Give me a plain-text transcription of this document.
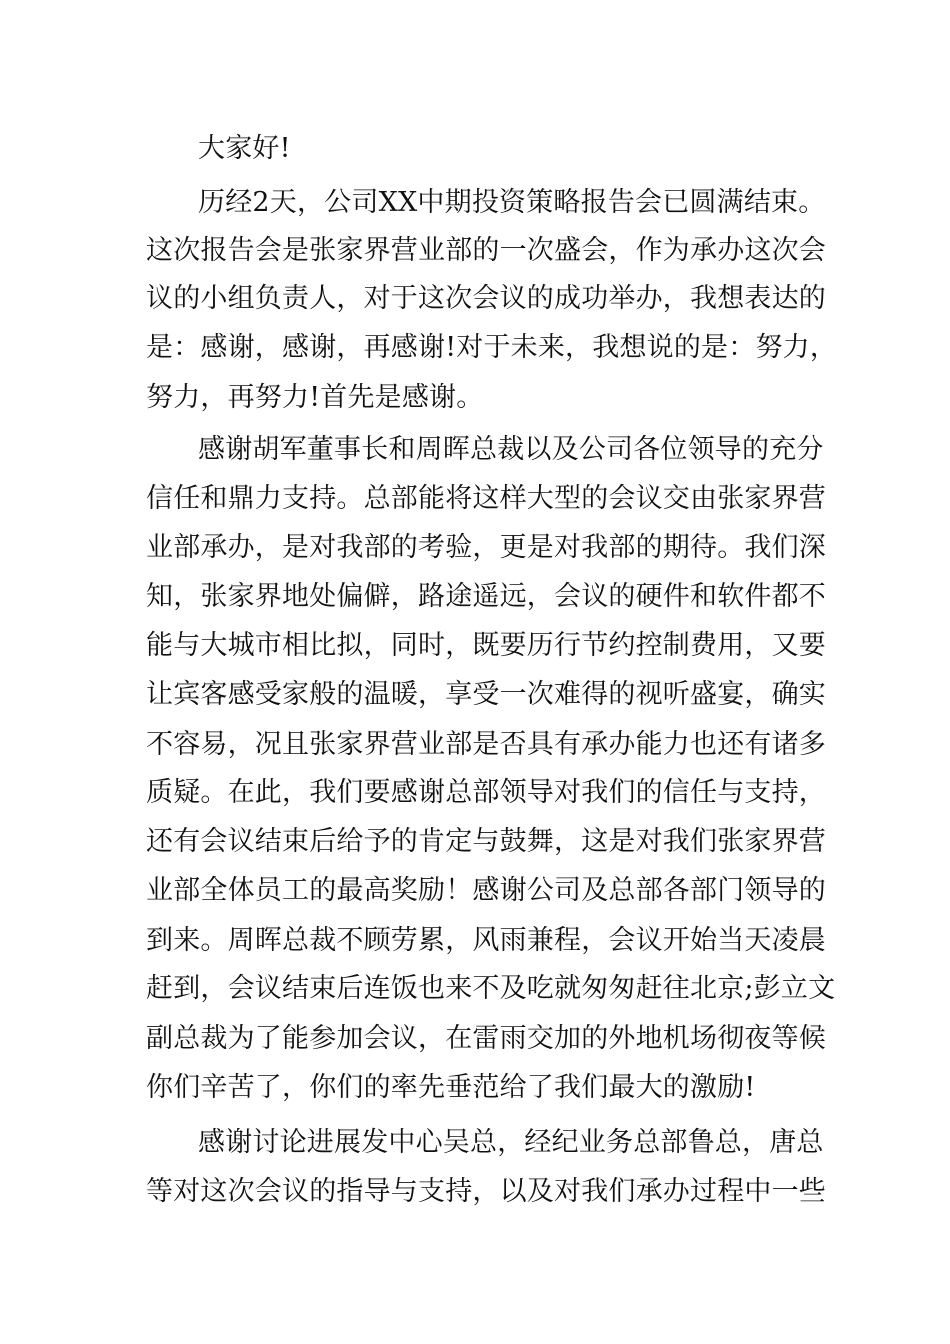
大家好!
历经2天，公司XX中期投资策略报告会已圆满结束。
这次报告会是张家界营业部的一次盛会，作为承办这次会
议的小组负责人，对于这次会议的成功举办，我想表达的
是：感谢，感谢，再感谢!对于未来，我想说的是：努力，
努力，再努力!首先是感谢。
感谢胡军董事长和周晖总裁以及公司各位领导的充分
信任和鼎力支持。总部能将这样大型的会议交由张家界营
业部承办，是对我部的考验，更是对我部的期待。我们深
知，张家界地处偏僻，路途遥远，会议的硬件和软件都不
能与大城市相比拟，同时，既要历行节约控制费用，又要
让宾客感受家般的温暖，享受一次难得的视听盛宴，确实
不容易，况且张家界营业部是否具有承办能力也还有诸多
质疑。在此，我们要感谢总部领导对我们的信任与支持，
还有会议结束后给予的肯定与鼓舞，这是对我们张家界营
业部全体员工的最高奖励！感谢公司及总部各部门领导的
到来。周晖总裁不顾劳累，风雨兼程，会议开始当天凌晨
赶到，会议结束后连饭也来不及吃就匆匆赶往北京;彭立文
副总裁为了能参加会议，在雷雨交加的外地机场彻夜等候
你们辛苦了，你们的率先垂范给了我们最大的激励!
感谢讨论进展发中心吴总，经纪业务总部鲁总，唐总
等对这次会议的指导与支持，以及对我们承办过程中一些
